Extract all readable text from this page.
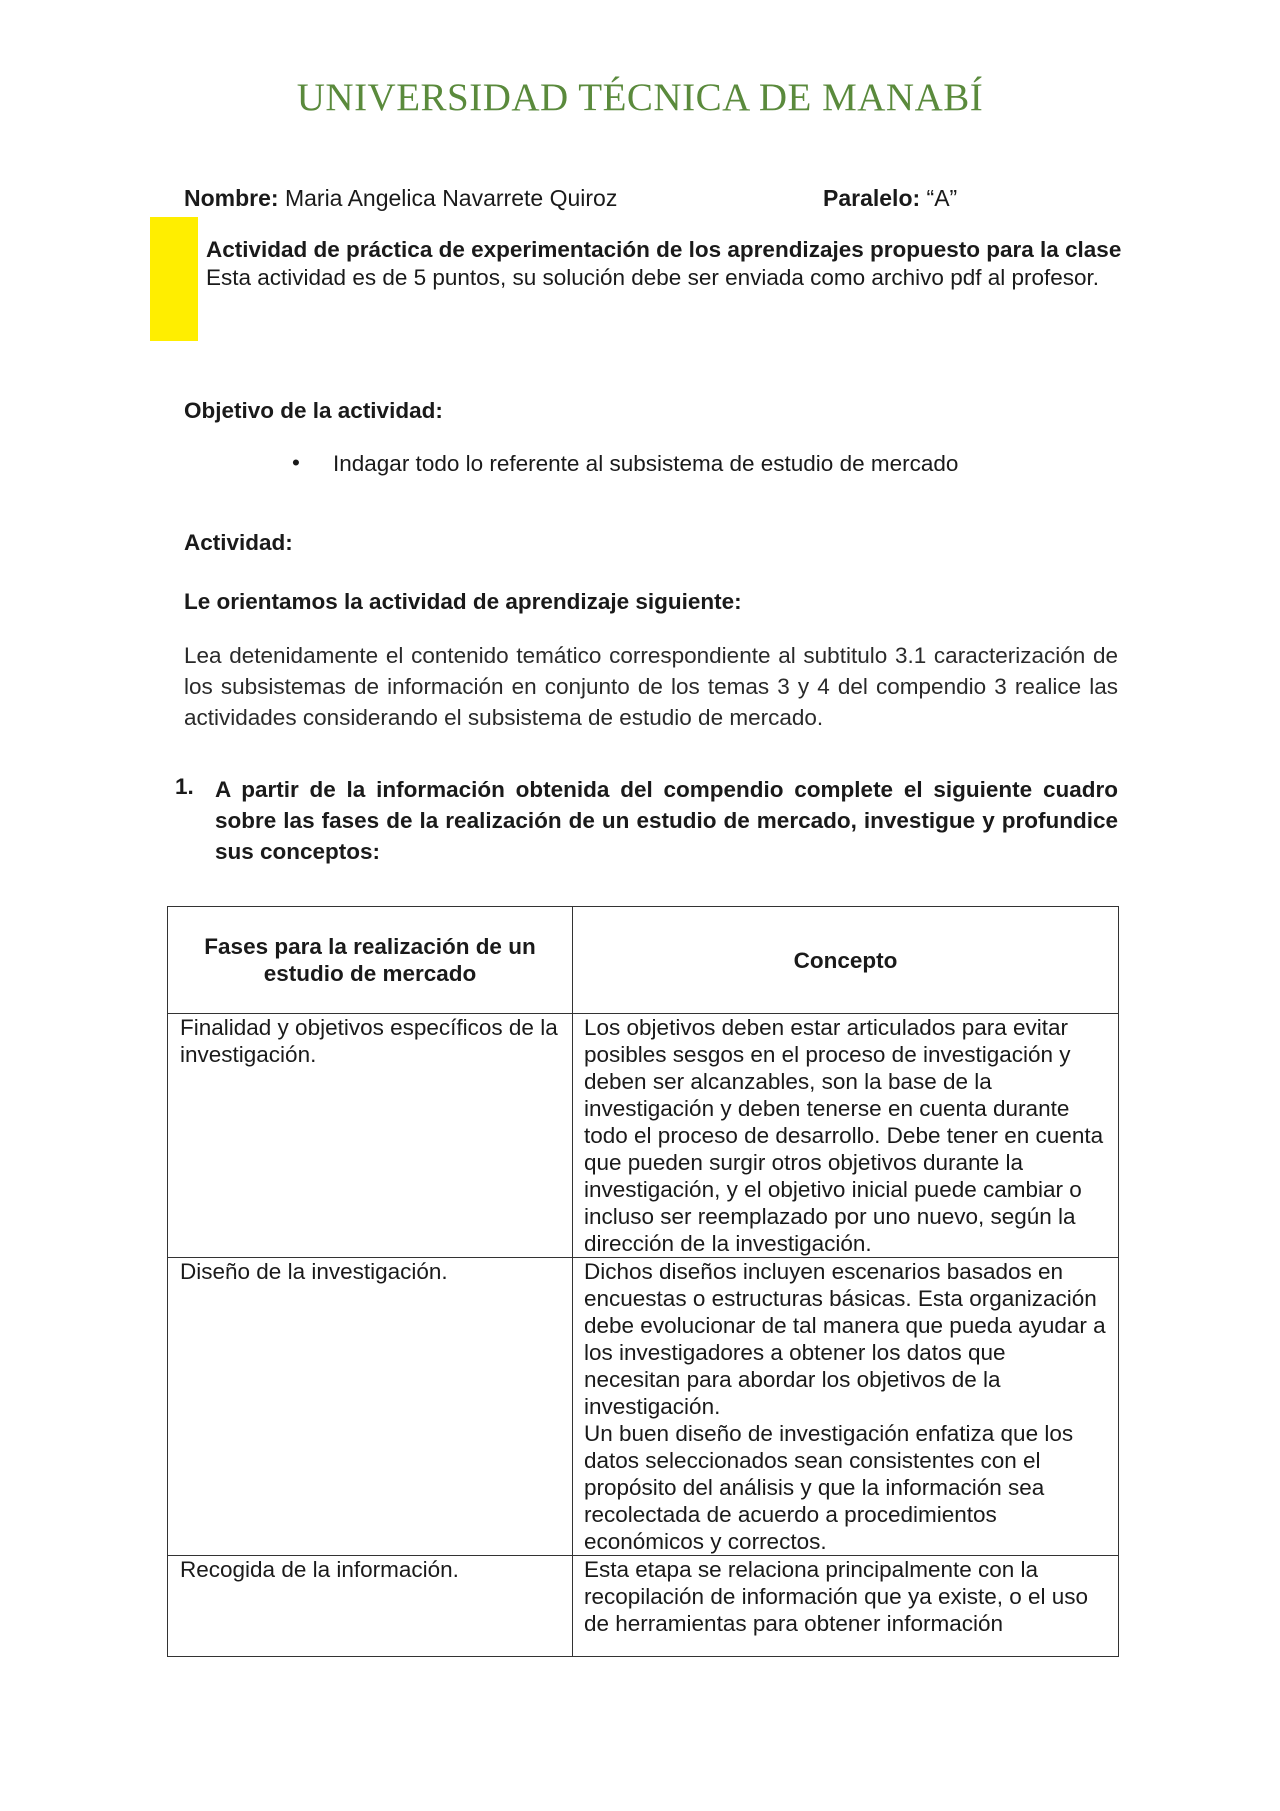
UNIVERSIDAD TÉCNICA DE MANABÍ
Nombre: Maria Angelica Navarrete Quiroz	Paralelo: “A”
Actividad de práctica de experimentación de los aprendizajes propuesto para la clase
Esta actividad es de 5 puntos, su solución debe ser enviada como archivo pdf al profesor.
Objetivo de la actividad:
• Indagar todo lo referente al subsistema de estudio de mercado
Actividad:
Le orientamos la actividad de aprendizaje siguiente:
Lea detenidamente el contenido temático correspondiente al subtitulo 3.1 caracterización de los subsistemas de información en conjunto de los temas 3 y 4 del compendio 3 realice las actividades considerando el subsistema de estudio de mercado.
1. A partir de la información obtenida del compendio complete el siguiente cuadro sobre las fases de la realización de un estudio de mercado, investigue y profundice sus conceptos:
Fases para la realización de un estudio de mercado	Concepto
Finalidad y objetivos específicos de la investigación.	Los objetivos deben estar articulados para evitar posibles sesgos en el proceso de investigación y deben ser alcanzables, son la base de la investigación y deben tenerse en cuenta durante todo el proceso de desarrollo. Debe tener en cuenta que pueden surgir otros objetivos durante la investigación, y el objetivo inicial puede cambiar o incluso ser reemplazado por uno nuevo, según la dirección de la investigación.
Diseño de la investigación.	Dichos diseños incluyen escenarios basados en encuestas o estructuras básicas. Esta organización debe evolucionar de tal manera que pueda ayudar a los investigadores a obtener los datos que necesitan para abordar los objetivos de la investigación.
Un buen diseño de investigación enfatiza que los datos seleccionados sean consistentes con el propósito del análisis y que la información sea recolectada de acuerdo a procedimientos económicos y correctos.

Recogida de la información.	Esta etapa se relaciona principalmente con la recopilación de información que ya existe, o el uso de herramientas para obtener información
